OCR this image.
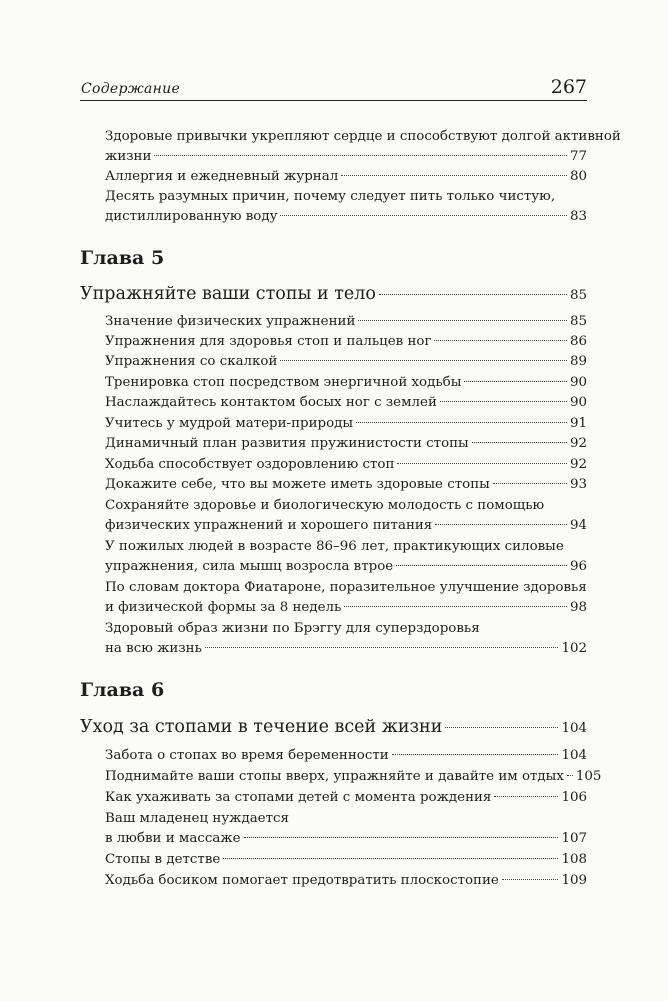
Содержание	267
Здоровые привычки укрепляют сердце и способствуют долгой активной
жизни	77
Аллергия и ежедневный журнал	80
Десять разумных причин, почему следует пить только чистую,
дистиллированную воду	83
Глава 5
Упражняйте ваши стопы и тело	85
Значение физических упражнений	85
Упражнения для здоровья стоп и пальцев ног	86
Упражнения со скалкой	89
Тренировка стоп посредством энергичной ходьбы	90
Наслаждайтесь контактом босых ног с землей	90
Учитесь у мудрой матери-природы	91
Динамичный план развития пружинистости стопы	92
Ходьба способствует оздоровлению стоп	92
Докажите себе, что вы можете иметь здоровые стопы	93
Сохраняйте здоровье и биологическую молодость с помощью
физических упражнений и хорошего питания	94
У пожилых людей в возрасте 86–96 лет, практикующих силовые
упражнения, сила мышц возросла втрое	96
По словам доктора Фиатароне, поразительное улучшение здоровья
и физической формы за 8 недель	98
Здоровый образ жизни по Брэггу для суперздоровья
на всю жизнь	102
Глава 6
Уход за стопами в течение всей жизни	104
Забота о стопах во время беременности	104
Поднимайте ваши стопы вверх, упражняйте и давайте им отдых 105
Как ухаживать за стопами детей с момента рождения	106
Ваш младенец нуждается
в любви и массаже	107
Стопы в детстве	108
Ходьба босиком помогает предотвратить плоскостопие	109
